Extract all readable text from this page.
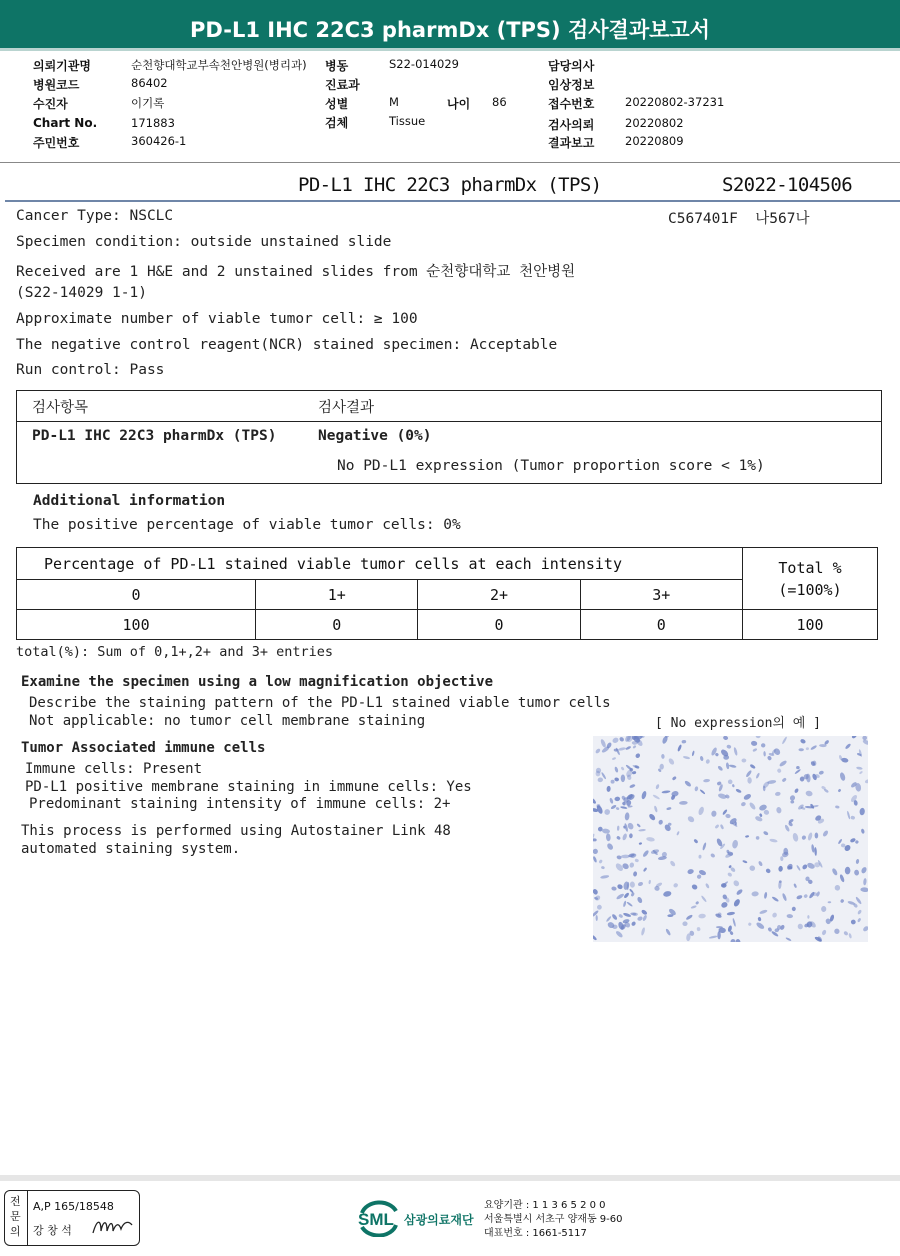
PD-L1 IHC 22C3 pharmDx (TPS) 검사결과보고서
의뢰기관명	순천향대학교부속천안병원(병리과)
병원코드	86402
수진자	이기록
Chart No.	171883
주민번호	360426-1
병동	S22-014029
진료과
성별	M	나이 86
검체	Tissue
담당의사
임상정보
접수번호	20220802-37231
검사의뢰	20220802
결과보고	20220809
PD-L1 IHC 22C3 pharmDx (TPS)	S2022-104506
Cancer Type: NSCLC	C567401F  나567나
Specimen condition: outside unstained slide
Received are 1 H&E and 2 unstained slides from 순천향대학교 천안병원
(S22-14029 1-1)
Approximate number of viable tumor cell: ≥ 100
The negative control reagent(NCR) stained specimen: Acceptable
Run control: Pass
검사항목	검사결과
PD-L1 IHC 22C3 pharmDx (TPS)	Negative (0%)
No PD-L1 expression (Tumor proportion score < 1%)
Additional information
The positive percentage of viable tumor cells: 0%
Percentage of PD-L1 stained viable tumor cells at each intensity				Total %
(=100%)

0	1+	2+	3+	
100	0	0	0	100
total(%): Sum of 0,1+,2+ and 3+ entries
Examine the specimen using a low magnification objective
Describe the staining pattern of the PD-L1 stained viable tumor cells
Not applicable: no tumor cell membrane staining
Tumor Associated immune cells
Immune cells: Present
PD-L1 positive membrane staining in immune cells: Yes
Predominant staining intensity of immune cells: 2+
This process is performed using Autostainer Link 48
automated staining system.
[ No expression의 예 ]
전문의
A,P 165/18548
강 창 석
SML 삼광의료재단
요양기관 : 1 1 3 6 5 2 0 0
서울특별시 서초구 양재동 9-60
대표번호 : 1661-5117
